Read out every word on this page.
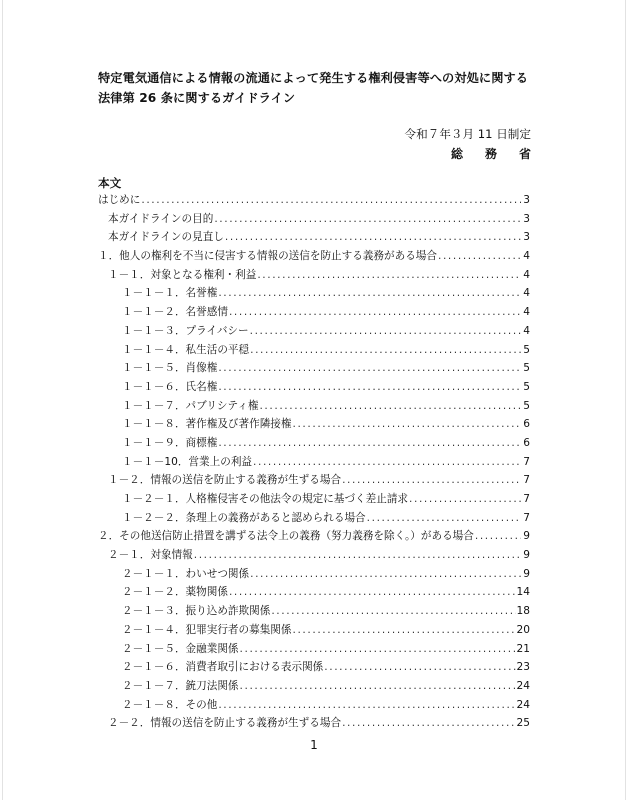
特定電気通信による情報の流通によって発生する権利侵害等への対処に関する
法律第 26 条に関するガイドライン
令和７年３月 11 日制定
総務省
本文
はじめに .....	3
本ガイドラインの目的 .....	3
本ガイドラインの見直し .....	3
１．他人の権利を不当に侵害する情報の送信を防止する義務がある場合 .....	4
１－１．対象となる権利・利益 .....	4
１－１－１．名誉権 .....	4
１－１－２．名誉感情 .....	4
１－１－３．プライバシー .....	4
１－１－４．私生活の平穏 .....	5
１－１－５．肖像権 .....	5
１－１－６．氏名権 .....	5
１－１－７．パブリシティ権 .....	5
１－１－８．著作権及び著作隣接権 .....	6
１－１－９．商標権 .....	6
１－１－10．営業上の利益 .....	7
１－２．情報の送信を防止する義務が生ずる場合 .....	7
１－２－１．人格権侵害その他法令の規定に基づく差止請求 .....	7
１－２－２．条理上の義務があると認められる場合 .....	7
２．その他送信防止措置を講ずる法令上の義務（努力義務を除く。）がある場合 .....	9
２－１．対象情報 .....	9
２－１－１．わいせつ関係 .....	9
２－１－２．薬物関係 .....	14
２－１－３．振り込め詐欺関係 .....	18
２－１－４．犯罪実行者の募集関係 .....	20
２－１－５．金融業関係 .....	21
２－１－６．消費者取引における表示関係 .....	23
２－１－７．銃刀法関係 .....	24
２－１－８．その他 .....	24
２－２．情報の送信を防止する義務が生ずる場合 .....	25
1
